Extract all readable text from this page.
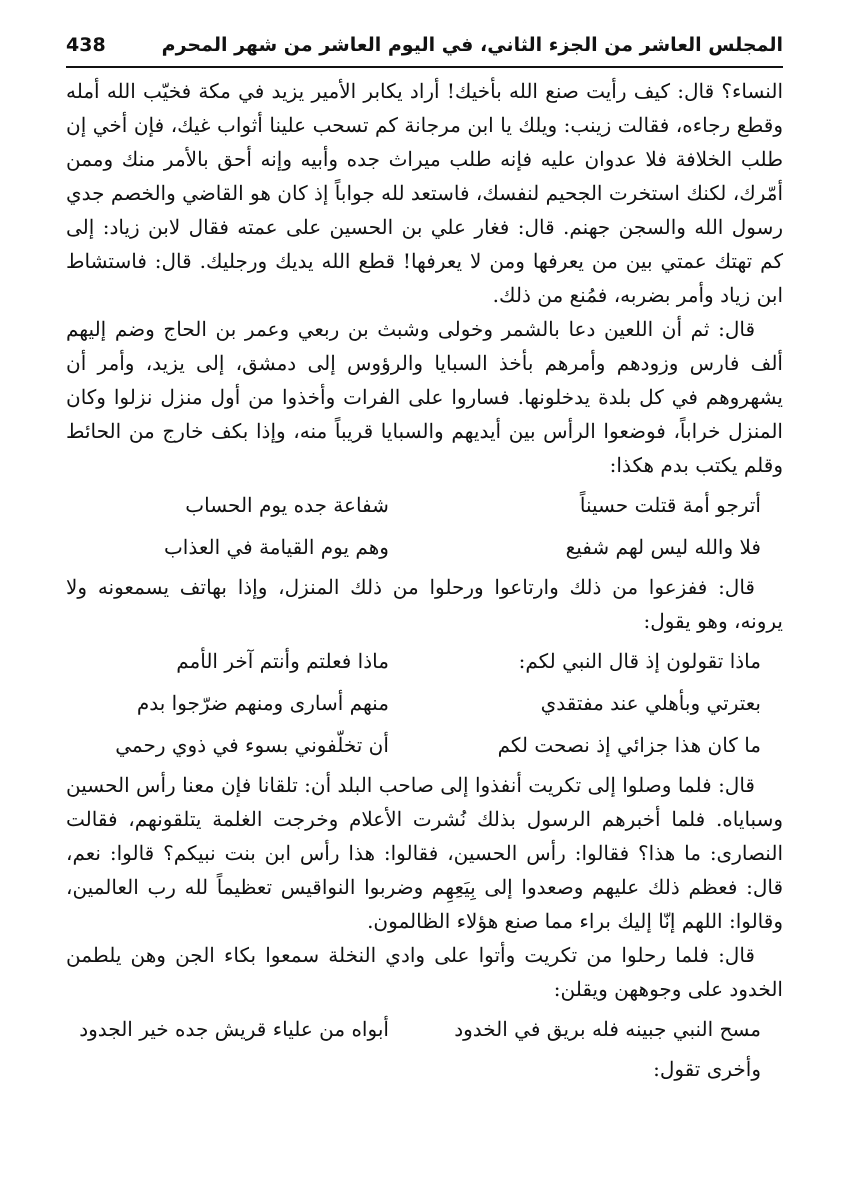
المجلس العاشر من الجزء الثاني، في اليوم العاشر من شهر المحرم
438

النساء؟ قال: كيف رأيت صنع الله بأخيك! أراد يكابر الأمير يزيد في مكة فخيّب الله أمله وقطع رجاءه، فقالت زينب: ويلك يا ابن مرجانة كم تسحب علينا أثواب غيك، فإن أخي إن طلب الخلافة فلا عدوان عليه فإنه طلب ميراث جده وأبيه وإنه أحق بالأمر منك وممن أمّرك، لكنك استخرت الجحيم لنفسك، فاستعد لله جواباً إذ كان هو القاضي والخصم جدي رسول الله والسجن جهنم. قال: فغار علي بن الحسين على عمته فقال لابن زياد: إلى كم تهتك عمتي بين من يعرفها ومن لا يعرفها! قطع الله يديك ورجليك. قال: فاستشاط ابن زياد وأمر بضربه، فمُنع من ذلك.

قال: ثم أن اللعين دعا بالشمر وخولى وشبث بن ربعي وعمر بن الحاج وضم إليهم ألف فارس وزودهم وأمرهم بأخذ السبايا والرؤوس إلى دمشق، إلى يزيد، وأمر أن يشهروهم في كل بلدة يدخلونها. فساروا على الفرات وأخذوا من أول منزل نزلوا وكان المنزل خراباً، فوضعوا الرأس بين أيديهم والسبايا قريباً منه، وإذا بكف خارج من الحائط وقلم يكتب بدم هكذا:

أترجو أمة قتلت حسيناً
شفاعة جده يوم الحساب
فلا والله ليس لهم شفيع
وهم يوم القيامة في العذاب

قال: ففزعوا من ذلك وارتاعوا ورحلوا من ذلك المنزل، وإذا بهاتف يسمعونه ولا يرونه، وهو يقول:

ماذا تقولون إذ قال النبي لكم:
ماذا فعلتم وأنتم آخر الأمم
بعترتي وبأهلي عند مفتقدي
منهم أسارى ومنهم ضرّجوا بدم
ما كان هذا جزائي إذ نصحت لكم
أن تخلّفوني بسوء في ذوي رحمي

قال: فلما وصلوا إلى تكريت أنفذوا إلى صاحب البلد أن: تلقانا فإن معنا رأس الحسين وسباياه. فلما أخبرهم الرسول بذلك نُشرت الأعلام وخرجت الغلمة يتلقونهم، فقالت النصارى: ما هذا؟ فقالوا: رأس الحسين، فقالوا: هذا رأس ابن بنت نبيكم؟ قالوا: نعم، قال: فعظم ذلك عليهم وصعدوا إلى بِيَعِهِم وضربوا النواقيس تعظيماً لله رب العالمين، وقالوا: اللهم إنّا إليك براء مما صنع هؤلاء الظالمون.

قال: فلما رحلوا من تكريت وأتوا على وادي النخلة سمعوا بكاء الجن وهن يلطمن الخدود على وجوههن ويقلن:

مسح النبي جبينه فله بريق في الخدود
أبواه من علياء قريش جده خير الجدود

وأخرى تقول:
